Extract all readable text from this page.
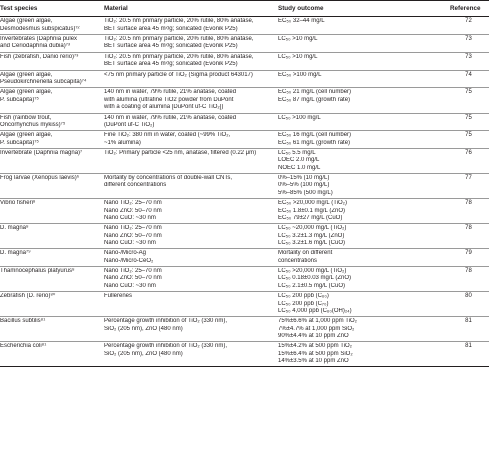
Test species	Material	Study outcome	Reference

Algae (green algae,
Desmodesmus subspicatus)⁷²	TiO₂: 20.5 nm primary particle, 20% rutile, 80% anatase,
BET surface area 45 m²/g; sonicated (Evonik P25)	EC₅₀ 32–44 mg/L	72

Invertebrates (Daphnia pulex
and Ceriodaphnia dubia)⁷³	TiO₂: 20.5 nm primary particle, 20% rutile, 80% anatase,
BET surface area 45 m²/g; sonicated (Evonik P25)	LC₅₀ >10 mg/L	73

Fish (zebrafish, Danio rerio)⁷³	TiO₂: 20.5 nm primary particle, 20% rutile, 80% anatase,
BET surface area 45 m²/g; sonicated (Evonik P25)	LC₅₀ >10 mg/L	73

Algae (green algae,
Pseudokirchneriella subcapita)⁷⁴	<75 nm primary particle of TiO₂ (Sigma product 643017)	EC₅₀ >100 mg/L	74

Algae (green algae,
P. subcapita)⁷⁵	140 nm in water, 79% rutile, 21% anatase, coated
with alumina (ultrafine TiO2 powder from DuPont
with a coating of alumina [DuPont uf-C TiO₂])	EC₅₀ 21 mg/L (cell number)
EC₅₀ 87 mg/L (growth rate)	75

Fish (rainbow trout,
Oncorhynchus mykiss)⁷⁵	140 nm in water, 79% rutile, 21% anatase, coated
(DuPont uf-C TiO₂)	LC₅₀ >100 mg/L	75

Algae (green algae,
P. subcapita)⁷⁵	Fine TiO₂: 380 nm in water, coated (~99% TiO₂,
~1% alumina)	EC₅₀ 16 mg/L (cell number)
EC₅₀ 61 mg/L (growth rate)	75

Invertebrate (Daphnia magna)⁷	TiO₂: Primary particle <25 nm, anatase, filtered (0.22 μm)	LC₅₀ 5.5 mg/L
LOEC 2.0 mg/L
NOEC 1.0 mg/L	76

Frog larvae (Xenopus laevis)⁶	Mortality by concentrations of double-wall CNTs,
different concentrations	0%–15% (10 mg/L)
0%–5% (100 mg/L)
5%–85% (500 mg/L)	77

Vibrio fisheri⁸	Nano TiO₂: 25–70 nm
Nano ZnO: 50–70 nm
Nano CuO: ~30 nm	EC₅₀ >20,000 mg/L (TiO₂)
EC₅₀ 1.8±0.1 mg/L (ZnO)
EC₅₀ 79±27 mg/L (CuO)	78

D. magna⁸	Nano TiO₂: 25–70 nm
Nano ZnO: 50–70 nm
Nano CuO: ~30 nm	LC₅₀ ~20,000 mg/L (TiO₂)
LC₅₀ 3.2±1.3 mg/L (ZnO)
LC₅₀ 3.2±1.6 mg/L (CuO)	78

D. magna⁷⁹	Nano-/Micro-Ag
Nano-/Micro-CeO₂	Mortality on different
concentrations	79

Thamnocephalus platyurus⁸	Nano TiO₂: 25–70 nm
Nano ZnO: 50–70 nm
Nano CuO: ~30 nm	LC₅₀ >20,000 mg/L (TiO₂)
LC₅₀ 0.18±0.03 mg/L (ZnO)
LC₅₀ 2.1±0.5 mg/L (CuO)	78

Zebrafish (D. rerio)⁸⁰	Fullerenes	LC₅₀ 200 ppb (C₆₀)
LC₅₀ 200 ppb (C₇₀)
LC₅₀ 4,000 ppb (C₆₀(OH)₂₄)	80

Bacillus subtilis⁸¹	Percentage growth inhibition of TiO₂ (330 nm),
SiO₂ (205 nm), ZnO (480 nm)	75%±6.6% at 1,000 ppm TiO₂
7%±4.7% at 1,000 ppm SiO₂
90%±4.4% at 10 ppm ZnO	81

Escherichia coli⁸¹	Percentage growth inhibition of TiO₂ (330 nm),
SiO₂ (205 nm), ZnO (480 nm)	15%±4.2% at 500 ppm TiO₂
15%±6.4% at 500 ppm SiO₂
14%±3.5% at 10 ppm ZnO	81
